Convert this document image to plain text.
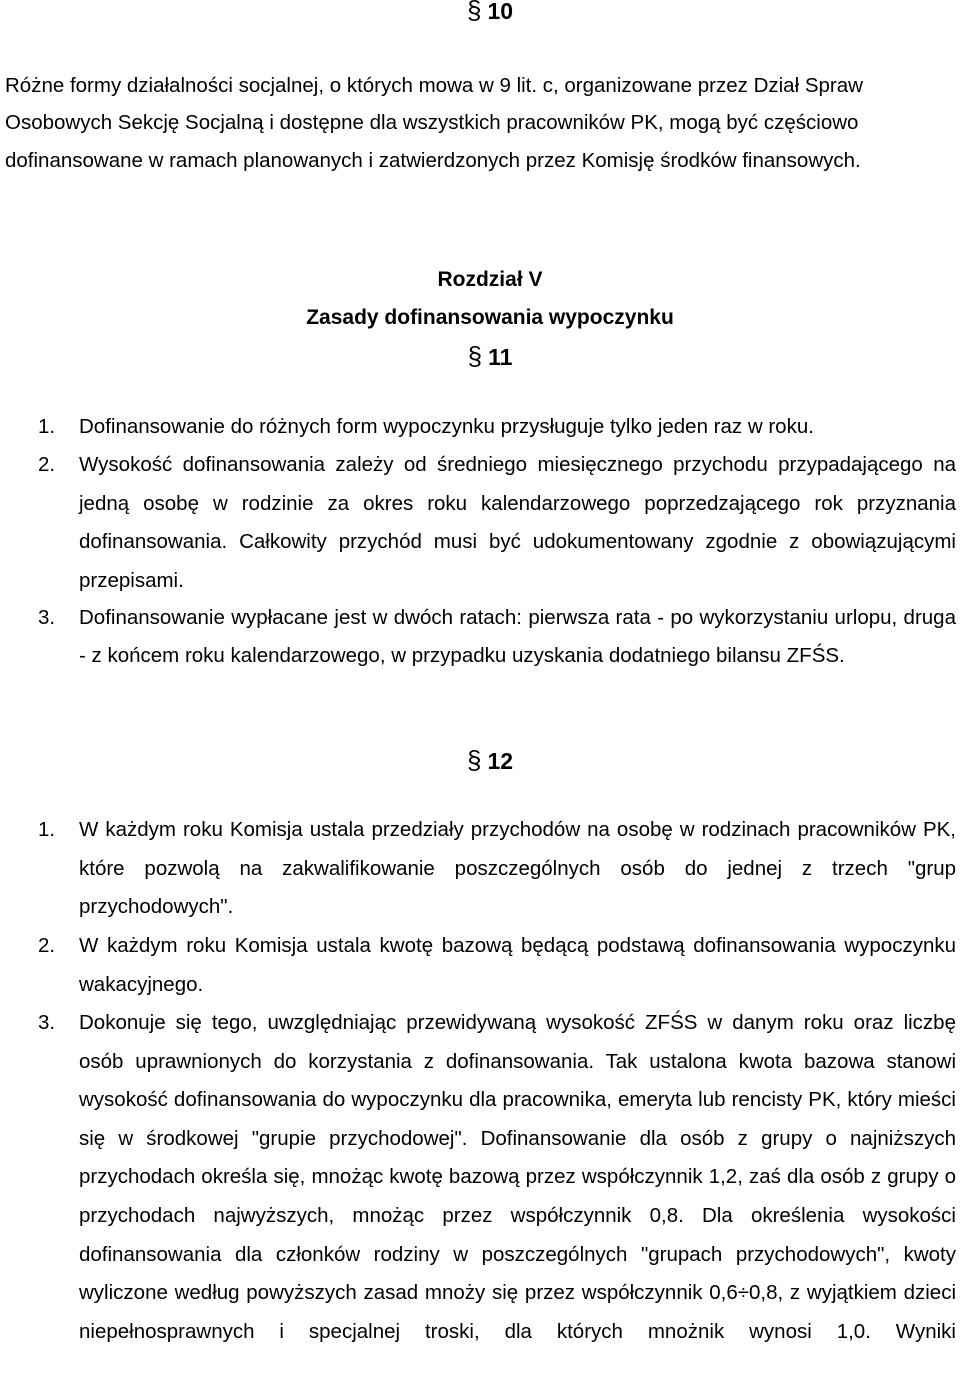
§ 10
Różne formy działalności socjalnej, o których mowa w 9 lit. c, organizowane przez Dział Spraw Osobowych Sekcję Socjalną i dostępne dla wszystkich pracowników PK, mogą być częściowo dofinansowane w ramach planowanych i zatwierdzonych przez Komisję środków finansowych.
Rozdział V
Zasady dofinansowania wypoczynku
§ 11
1.	Dofinansowanie do różnych form wypoczynku przysługuje tylko jeden raz w roku.
2.	Wysokość dofinansowania zależy od średniego miesięcznego przychodu przypadającego na jedną osobę w rodzinie za okres roku kalendarzowego poprzedzającego rok przyznania dofinansowania. Całkowity przychód musi być udokumentowany zgodnie z obowiązującymi przepisami.
3.	Dofinansowanie wypłacane jest w dwóch ratach: pierwsza rata - po wykorzystaniu urlopu, druga - z końcem roku kalendarzowego, w przypadku uzyskania dodatniego bilansu ZFŚS.
§ 12
1.	W każdym roku Komisja ustala przedziały przychodów na osobę w rodzinach pracowników PK, które pozwolą na zakwalifikowanie poszczególnych osób do jednej z trzech "grup przychodowych".
2.	W każdym roku Komisja ustala kwotę bazową będącą podstawą dofinansowania wypoczynku wakacyjnego.
3.	Dokonuje się tego, uwzględniając przewidywaną wysokość ZFŚS w danym roku oraz liczbę osób uprawnionych do korzystania z dofinansowania. Tak ustalona kwota bazowa stanowi wysokość dofinansowania do wypoczynku dla pracownika, emeryta lub rencisty PK, który mieści się w środkowej "grupie przychodowej". Dofinansowanie dla osób z grupy o najniższych przychodach określa się, mnożąc kwotę bazową przez współczynnik 1,2, zaś dla osób z grupy o przychodach najwyższych, mnożąc przez współczynnik 0,8. Dla określenia wysokości dofinansowania dla członków rodziny w poszczególnych "grupach przychodowych", kwoty wyliczone według powyższych zasad mnoży się przez współczynnik 0,6÷0,8, z wyjątkiem dzieci niepełnosprawnych i specjalnej troski, dla których mnożnik wynosi 1,0. Wyniki
